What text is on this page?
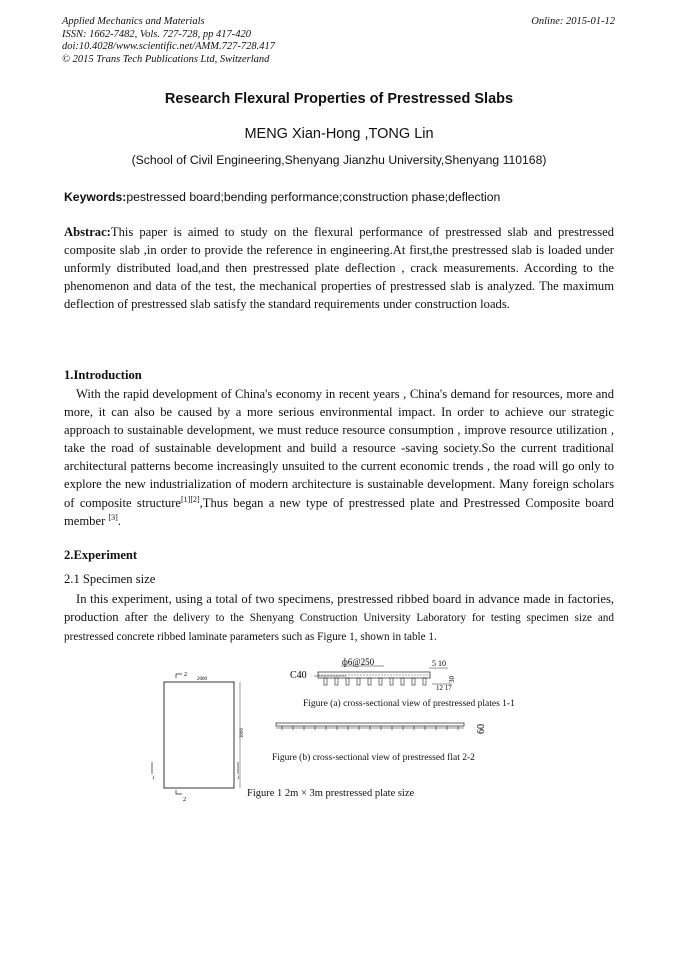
Applied Mechanics and Materials
ISSN: 1662-7482, Vols. 727-728, pp 417-420
doi:10.4028/www.scientific.net/AMM.727-728.417
© 2015 Trans Tech Publications Ltd, Switzerland
Online: 2015-01-12
Research Flexural Properties of Prestressed Slabs
MENG Xian-Hong ,TONG Lin
(School of Civil Engineering,Shenyang Jianzhu University,Shenyang 110168)
Keywords:pestressed board;bending performance;construction phase;deflection
Abstrac:This paper is aimed to study on the flexural performance of prestressed slab and prestressed composite slab ,in order to provide the reference in engineering.At first,the prestressed slab is loaded under unformly distributed load,and then prestressed plate deflection , crack measurements. According to the phenomenon and data of the test, the mechanical properties of prestressed slab is analyzed. The maximum deflection of prestressed slab satisfy the standard requirements under construction loads.
1.Introduction
With the rapid development of China's economy in recent years , China's demand for resources, more and more, it can also be caused by a more serious environmental impact. In order to achieve our strategic approach to sustainable development, we must reduce resource consumption , improve resource utilization , take the road of sustainable development and build a resource -saving society.So the current traditional architectural patterns become increasingly unsuited to the current economic trends , the road will go only to explore the new industrialization of modern architecture is sustainable development. Many foreign scholars of composite structure[1][2],Thus began a new type of prestressed plate and Prestressed Composite board member [3].
2.Experiment
2.1 Specimen size
In this experiment, using a total of two specimens, prestressed ribbed board in advance made in factories, production after the delivery to the Shenyang Construction University Laboratory for testing specimen size and prestressed concrete ribbed laminate parameters such as Figure 1, shown in table 1.
2
2000
2
3000
1	1
C40
ф6@250	5 10
12 17
30
60
Figure (a) cross-sectional view of prestressed plates 1-1
Figure (b) cross-sectional view of prestressed flat 2-2
Figure 1 2m × 3m prestressed plate size
